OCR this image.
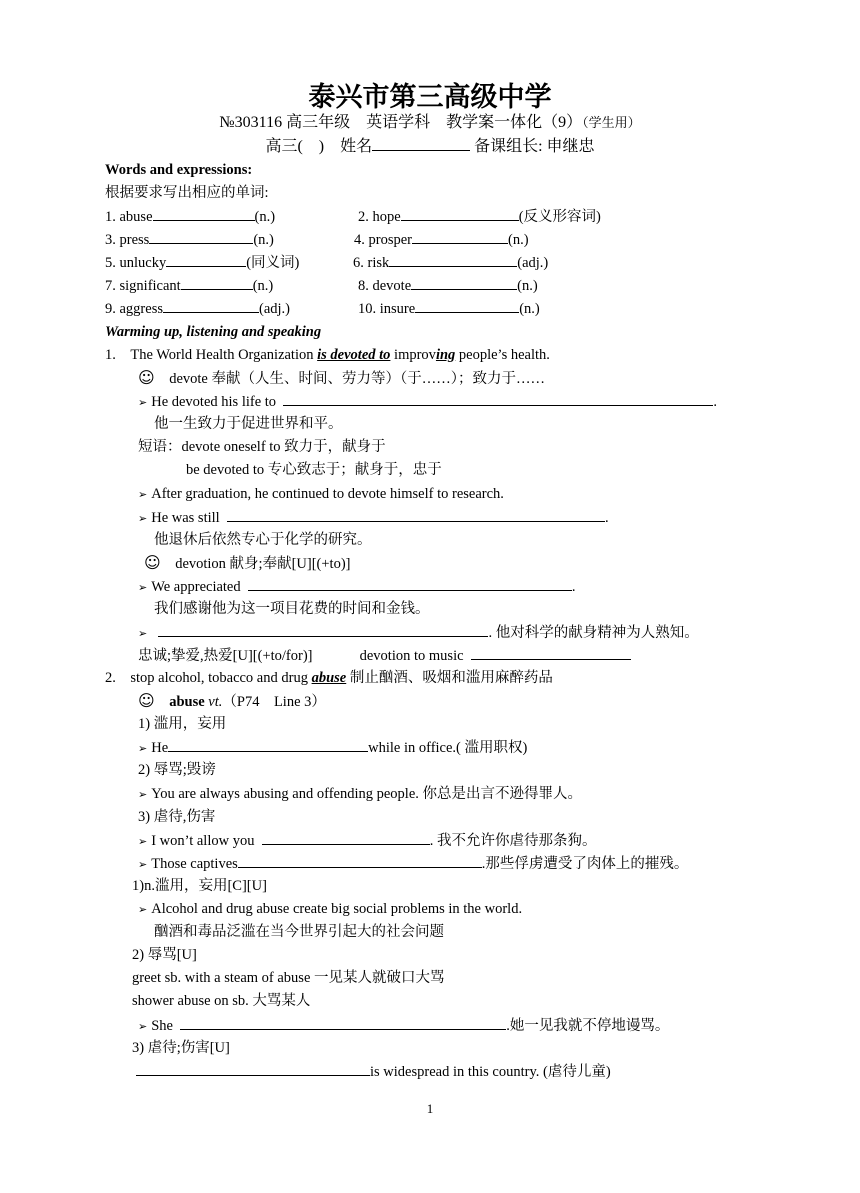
泰兴市第三高级中学
№303116 高三年级　英语学科　教学案一体化（9）（学生用）
高三(　)　姓名	备课组长: 申继忠
Words and expressions:
根据要求写出相应的单词:
1. abuse	(n.)	2. hope	(反义形容词)
3. press	(n.)	4. prosper	(n.)
5. unlucky	(同义词)	6. risk	(adj.)
7. significant	(n.)	8. devote	(n.)
9. aggress	(adj.)	10. insure	(n.)
Warming up, listening and speaking
1. The World Health Organization is devoted to improving people’s health.
☺ devote 奉献（人生、时间、劳力等）（于……）；致力于……
➢ He devoted his life to	.
他一生致力于促进世界和平。
短语：devote oneself to 致力于，献身于
be devoted to 专心致志于；献身于，忠于
➢ After graduation, he continued to devote himself to research.
➢ He was still	.
他退休后依然专心于化学的研究。
☺ devotion 献身;奉献[U][(+to)]
➢ We appreciated	.
我们感谢他为这一项目花费的时间和金钱。
➢	. 他对科学的献身精神为人熟知。
忠诚;挚爱,热爱[U][(+to/for)]	devotion to music
2. stop alcohol, tobacco and drug abuse 制止酗酒、吸烟和滥用麻醉药品
☺ abuse vt.（P74　Line 3）
1) 滥用，妄用
➢ He	while in office.( 滥用职权)
2) 辱骂;毁谤
➢ You are always abusing and offending people. 你总是出言不逊得罪人。
3) 虐待,伤害
➢ I won’t allow you	. 我不允许你虐待那条狗。
➢ Those captives	.那些俘虏遭受了肉体上的摧残。
1)n.滥用，妄用[C][U]
➢ Alcohol and drug abuse create big social problems in the world.
酗酒和毒品泛滥在当今世界引起大的社会问题
2) 辱骂[U]
greet sb. with a steam of abuse 一见某人就破口大骂
shower abuse on sb. 大骂某人
➢ She	.她一见我就不停地谩骂。
3) 虐待;伤害[U]
is widespread in this country. (虐待儿童)
1
